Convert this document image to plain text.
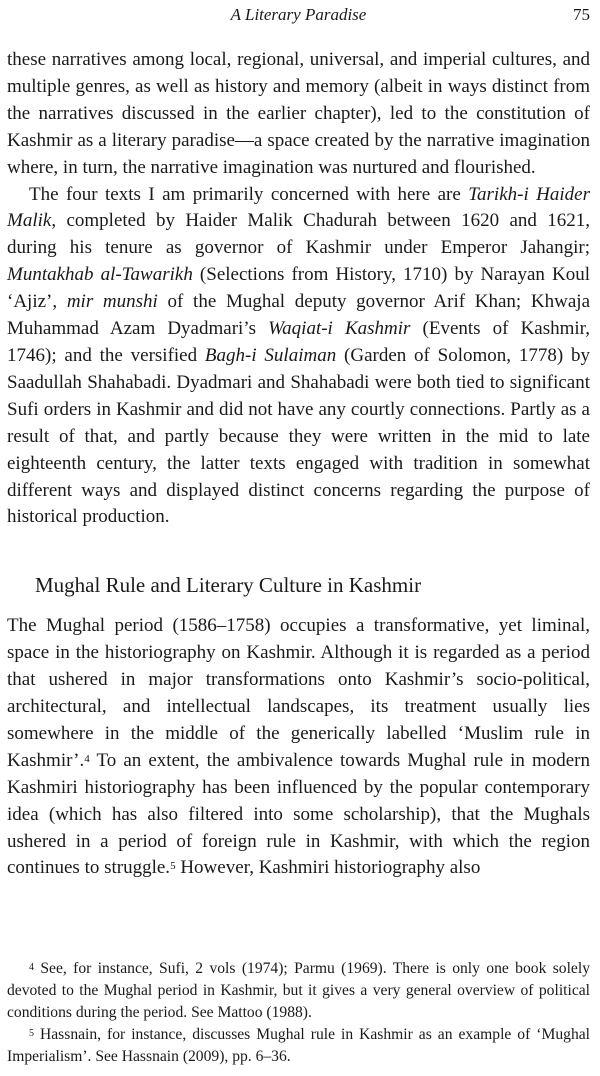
A Literary Paradise	75

these narratives among local, regional, universal, and imperial cultures, and multiple genres, as well as history and memory (albeit in ways distinct from the narratives discussed in the earlier chapter), led to the constitution of Kashmir as a literary paradise—a space created by the narrative imagination where, in turn, the narrative imagination was nurtured and flourished.

The four texts I am primarily concerned with here are Tarikh-i Haider Malik, completed by Haider Malik Chadurah between 1620 and 1621, during his tenure as governor of Kashmir under Emperor Jahangir; Muntakhab al-Tawarikh (Selections from History, 1710) by Narayan Koul ‘Ajiz’, mir munshi of the Mughal deputy governor Arif Khan; Khwaja Muhammad Azam Dyadmari’s Waqiat-i Kashmir (Events of Kashmir, 1746); and the versified Bagh-i Sulaiman (Garden of Solomon, 1778) by Saadullah Shahabadi. Dyadmari and Shahabadi were both tied to significant Sufi orders in Kashmir and did not have any courtly connections. Partly as a result of that, and partly because they were written in the mid to late eighteenth century, the latter texts engaged with tradition in somewhat different ways and displayed distinct concerns regarding the purpose of historical production.

Mughal Rule and Literary Culture in Kashmir

The Mughal period (1586–1758) occupies a transformative, yet liminal, space in the historiography on Kashmir. Although it is regarded as a period that ushered in major transformations onto Kashmir’s socio-political, architectural, and intellectual landscapes, its treatment usually lies somewhere in the middle of the generically labelled ‘Muslim rule in Kashmir’.$^4$ To an extent, the ambivalence towards Mughal rule in modern Kashmiri historiography has been influenced by the popular contemporary idea (which has also filtered into some scholarship), that the Mughals ushered in a period of foreign rule in Kashmir, with which the region continues to struggle.$^5$ However, Kashmiri historiography also

$^4$ See, for instance, Sufi, 2 vols (1974); Parmu (1969). There is only one book solely devoted to the Mughal period in Kashmir, but it gives a very general overview of political conditions during the period. See Mattoo (1988).

$^5$ Hassnain, for instance, discusses Mughal rule in Kashmir as an example of ‘Mughal Imperialism’. See Hassnain (2009), pp. 6–36.
